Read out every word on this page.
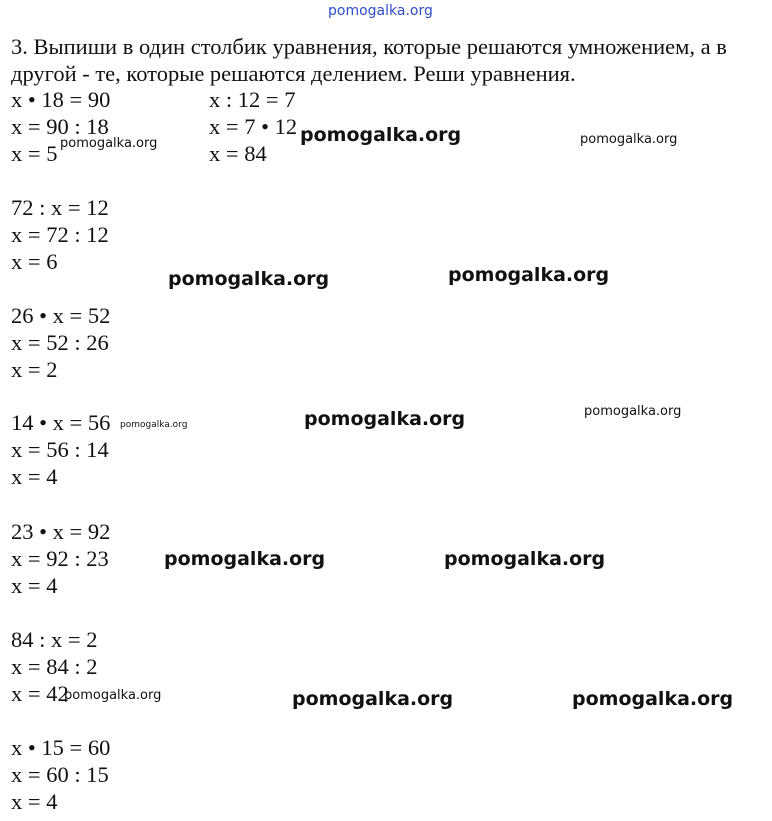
pomogalka.org
3. Выпиши в один столбик уравнения, которые решаются умножением, а в
другой - те, которые решаются делением. Реши уравнения.
x • 18 = 90
x = 90 : 18
x = 5
x : 12 = 7
x = 7 • 12
x = 84
72 : x = 12
x = 72 : 12
x = 6
26 • x = 52
x = 52 : 26
x = 2
14 • x = 56
x = 56 : 14
x = 4
23 • x = 92
x = 92 : 23
x = 4
84 : x = 2
x = 84 : 2
x = 42
x • 15 = 60
x = 60 : 15
x = 4
pomogalka.org	pomogalka.org	pomogalka.org
pomogalka.org	pomogalka.org
pomogalka.org	pomogalka.org	pomogalka.org
pomogalka.org	pomogalka.org
pomogalka.org	pomogalka.org	pomogalka.org
